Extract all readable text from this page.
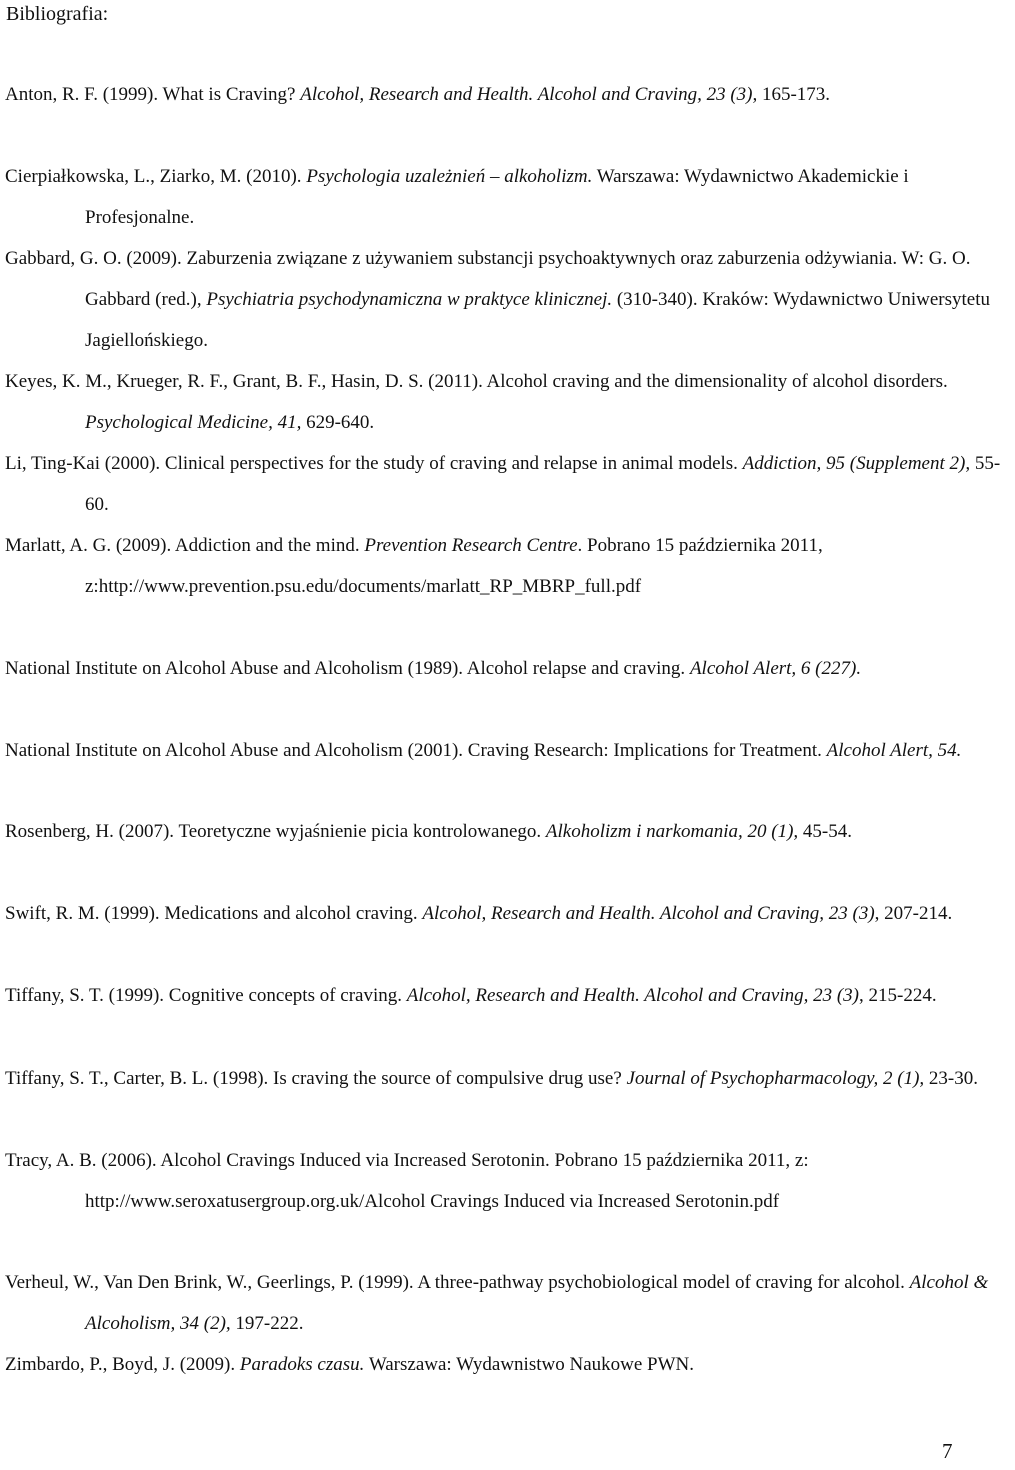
Bibliografia:
Anton, R. F. (1999). What is Craving? Alcohol, Research and Health. Alcohol and Craving, 23 (3), 165-173.
Cierpiałkowska, L., Ziarko, M. (2010). Psychologia uzależnień – alkoholizm. Warszawa: Wydawnictwo Akademickie i Profesjonalne.
Gabbard, G. O. (2009). Zaburzenia związane z używaniem substancji psychoaktywnych oraz zaburzenia odżywiania. W: G. O. Gabbard (red.), Psychiatria psychodynamiczna w praktyce klinicznej. (310-340). Kraków: Wydawnictwo Uniwersytetu Jagiellońskiego.
Keyes, K. M., Krueger, R. F., Grant, B. F., Hasin, D. S. (2011). Alcohol craving and the dimensionality of alcohol disorders. Psychological Medicine, 41, 629-640.
Li, Ting-Kai (2000). Clinical perspectives for the study of craving and relapse in animal models. Addiction, 95 (Supplement 2), 55-60.
Marlatt, A. G. (2009). Addiction and the mind. Prevention Research Centre. Pobrano 15 października 2011, z:http://www.prevention.psu.edu/documents/marlatt_RP_MBRP_full.pdf
National Institute on Alcohol Abuse and Alcoholism (1989). Alcohol relapse and craving. Alcohol Alert, 6 (227).
National Institute on Alcohol Abuse and Alcoholism (2001). Craving Research: Implications for Treatment. Alcohol Alert, 54.
Rosenberg, H. (2007). Teoretyczne wyjaśnienie picia kontrolowanego. Alkoholizm i narkomania, 20 (1), 45-54.
Swift, R. M. (1999). Medications and alcohol craving. Alcohol, Research and Health. Alcohol and Craving, 23 (3), 207-214.
Tiffany, S. T. (1999). Cognitive concepts of craving. Alcohol, Research and Health. Alcohol and Craving, 23 (3), 215-224.
Tiffany, S. T., Carter, B. L. (1998). Is craving the source of compulsive drug use? Journal of Psychopharmacology, 2 (1), 23-30.
Tracy, A. B. (2006). Alcohol Cravings Induced via Increased Serotonin. Pobrano 15 października 2011, z: http://www.seroxatusergroup.org.uk/Alcohol Cravings Induced via Increased Serotonin.pdf
Verheul, W., Van Den Brink, W., Geerlings, P. (1999). A three-pathway psychobiological model of craving for alcohol. Alcohol & Alcoholism, 34 (2), 197-222.
Zimbardo, P., Boyd, J. (2009). Paradoks czasu. Warszawa: Wydawnistwo Naukowe PWN.
7
